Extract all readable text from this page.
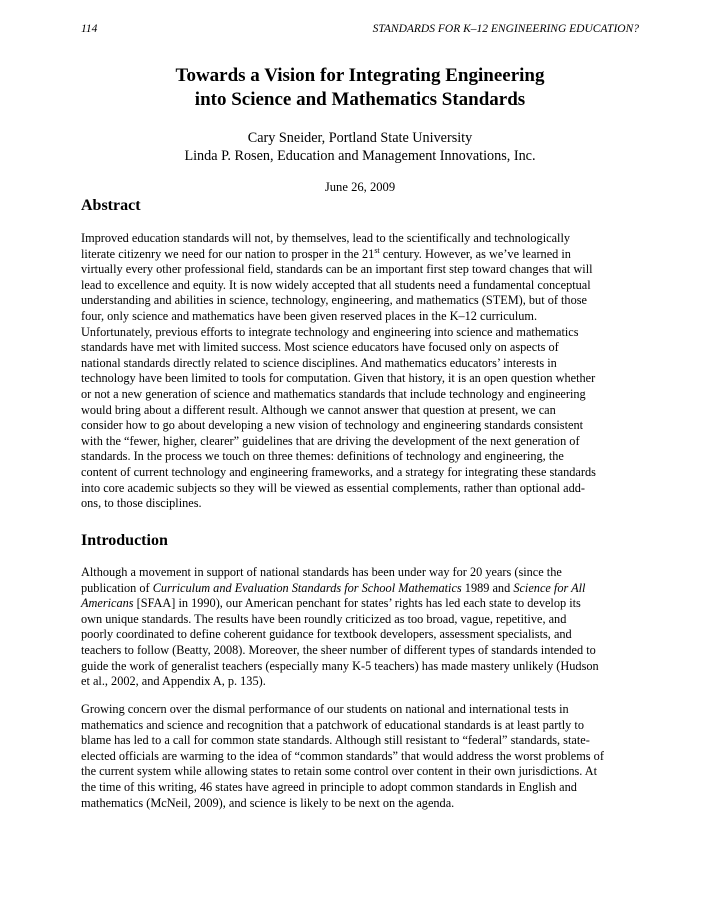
114	STANDARDS FOR K–12 ENGINEERING EDUCATION?
Towards a Vision for Integrating Engineering
into Science and Mathematics Standards
Cary Sneider, Portland State University
Linda P. Rosen, Education and Management Innovations, Inc.
June 26, 2009
Abstract

Improved education standards will not, by themselves, lead to the scientifically and technologically
literate citizenry we need for our nation to prosper in the 21st century. However, as we’ve learned in
virtually every other professional field, standards can be an important first step toward changes that will
lead to excellence and equity. It is now widely accepted that all students need a fundamental conceptual
understanding and abilities in science, technology, engineering, and mathematics (STEM), but of those
four, only science and mathematics have been given reserved places in the K–12 curriculum.
Unfortunately, previous efforts to integrate technology and engineering into science and mathematics
standards have met with limited success. Most science educators have focused only on aspects of
national standards directly related to science disciplines. And mathematics educators’ interests in
technology have been limited to tools for computation. Given that history, it is an open question whether
or not a new generation of science and mathematics standards that include technology and engineering
would bring about a different result. Although we cannot answer that question at present, we can
consider how to go about developing a new vision of technology and engineering standards consistent
with the “fewer, higher, clearer” guidelines that are driving the development of the next generation of
standards. In the process we touch on three themes: definitions of technology and engineering, the
content of current technology and engineering frameworks, and a strategy for integrating these standards
into core academic subjects so they will be viewed as essential complements, rather than optional add-
ons, to those disciplines.

Introduction

Although a movement in support of national standards has been under way for 20 years (since the
publication of Curriculum and Evaluation Standards for School Mathematics 1989 and Science for All
Americans [SFAA] in 1990), our American penchant for states’ rights has led each state to develop its
own unique standards. The results have been roundly criticized as too broad, vague, repetitive, and
poorly coordinated to define coherent guidance for textbook developers, assessment specialists, and
teachers to follow (Beatty, 2008). Moreover, the sheer number of different types of standards intended to
guide the work of generalist teachers (especially many K-5 teachers) has made mastery unlikely (Hudson
et al., 2002, and Appendix A, p. 135).

Growing concern over the dismal performance of our students on national and international tests in
mathematics and science and recognition that a patchwork of educational standards is at least partly to
blame has led to a call for common state standards. Although still resistant to “federal” standards, state-
elected officials are warming to the idea of “common standards” that would address the worst problems of
the current system while allowing states to retain some control over content in their own jurisdictions. At
the time of this writing, 46 states have agreed in principle to adopt common standards in English and
mathematics (McNeil, 2009), and science is likely to be next on the agenda.
